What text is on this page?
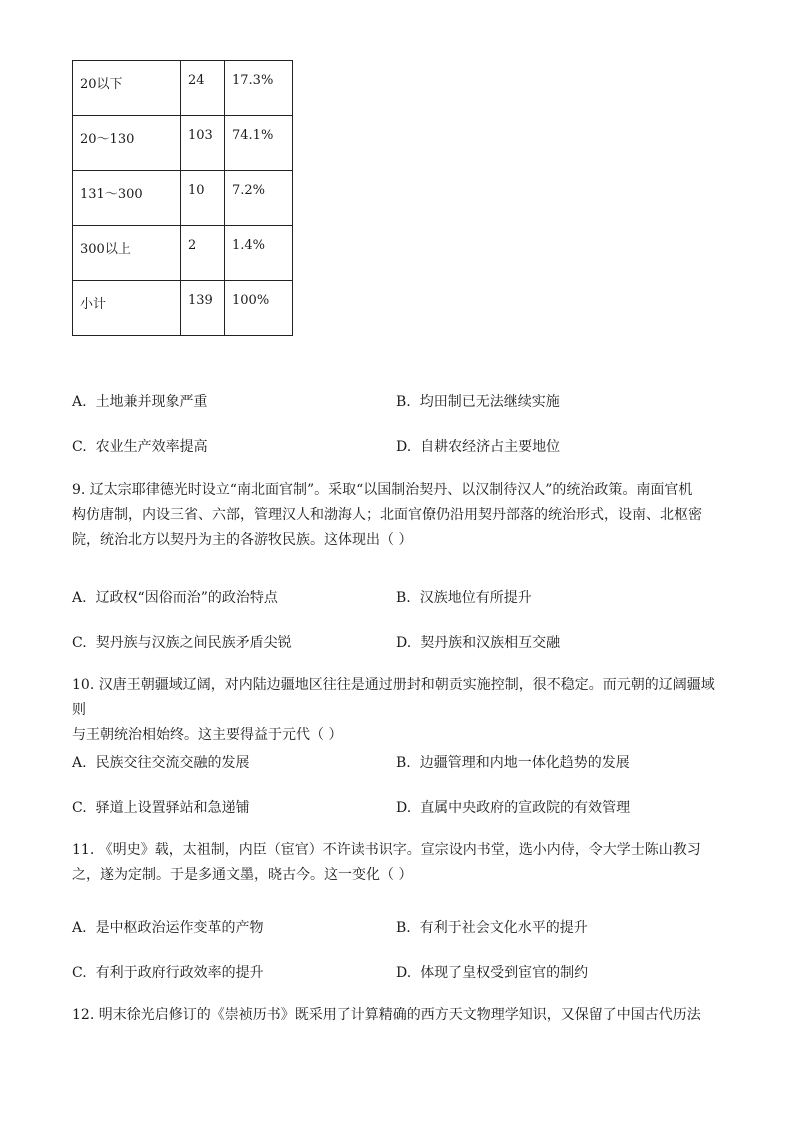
20以下	24	17.3%
20～130	103	74.1%
131～300	10	7.2%
300以上	2	1.4%
小计	139	100%
A. 土地兼并现象严重	B. 均田制已无法继续实施
C. 农业生产效率提高	D. 自耕农经济占主要地位

9. 辽太宗耶律德光时设立“南北面官制”。采取“以国制治契丹、以汉制待汉人”的统治政策。南面官机

构仿唐制，内设三省、六部，管理汉人和渤海人；北面官僚仍沿用契丹部落的统治形式，设南、北枢密

院，统治北方以契丹为主的各游牧民族。这体现出（ ）

A. 辽政权“因俗而治”的政治特点	B. 汉族地位有所提升
C. 契丹族与汉族之间民族矛盾尖锐	D. 契丹族和汉族相互交融

10. 汉唐王朝疆域辽阔，对内陆边疆地区往往是通过册封和朝贡实施控制，很不稳定。而元朝的辽阔疆域则

与王朝统治相始终。这主要得益于元代（ ）

A. 民族交往交流交融的发展	B. 边疆管理和内地一体化趋势的发展
C. 驿道上设置驿站和急递铺	D. 直属中央政府的宣政院的有效管理

11. 《明史》载，太祖制，内臣（宦官）不许读书识字。宣宗设内书堂，选小内侍，令大学士陈山教习

之，遂为定制。于是多通文墨，晓古今。这一变化（ ）

A. 是中枢政治运作变革的产物	B. 有利于社会文化水平的提升
C. 有利于政府行政效率的提升	D. 体现了皇权受到宦官的制约

12. 明末徐光启修订的《崇祯历书》既采用了计算精确的西方天文物理学知识，又保留了中国古代历法
